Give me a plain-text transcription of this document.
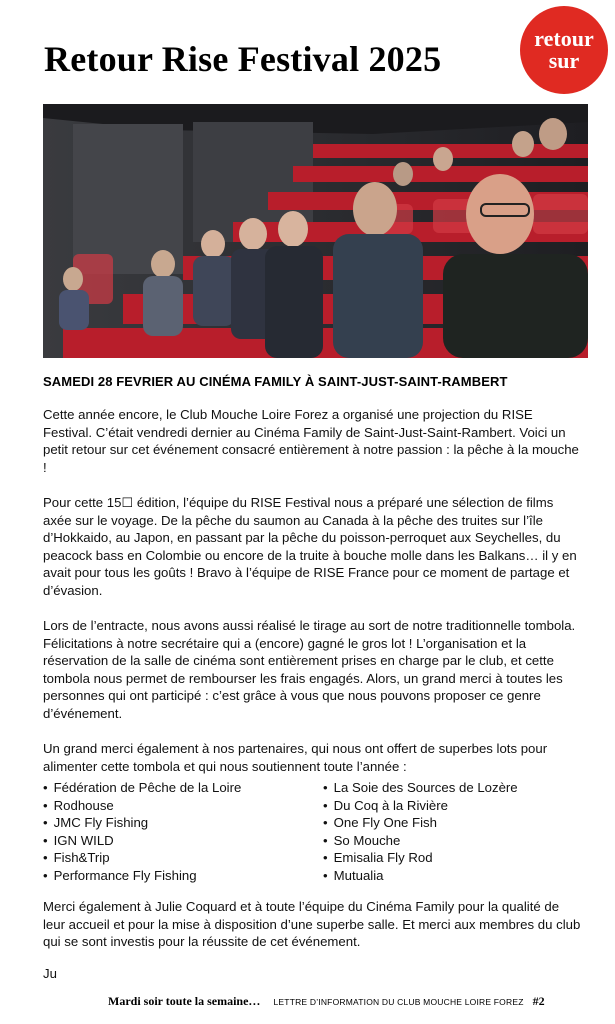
Retour Rise Festival 2025
retour
sur
SAMEDI 28 FEVRIER AU CINÉMA FAMILY À SAINT-JUST-SAINT-RAMBERT

Cette année encore, le Club Mouche Loire Forez a organisé une projection du RISE Festival. C’était vendredi dernier au Cinéma Family de Saint-Just-Saint-Rambert. Voici un petit retour sur cet événement consacré entièrement à notre passion : la pêche à la mouche !

Pour cette 15☐ édition, l’équipe du RISE Festival nous a préparé une sélection de films axée sur le voyage. De la pêche du saumon au Canada à la pêche des truites sur l’île d’Hokkaido, au Japon, en passant par la pêche du poisson-perroquet aux Seychelles, du peacock bass en Colombie ou encore de la truite à bouche molle dans les Balkans… il y en avait pour tous les goûts ! Bravo à l’équipe de RISE France pour ce moment de partage et d’évasion.

Lors de l’entracte, nous avons aussi réalisé le tirage au sort de notre traditionnelle tombola. Félicitations à notre secrétaire qui a (encore) gagné le gros lot ! L’organisation et la réservation de la salle de cinéma sont entièrement prises en charge par le club, et cette tombola nous permet de rembourser les frais engagés. Alors, un grand merci à toutes les personnes qui ont participé : c’est grâce à vous que nous pouvons proposer ce genre d’événement.

Un grand merci également à nos partenaires, qui nous ont offert de superbes lots pour alimenter cette tombola et qui nous soutiennent toute l’année :

• Fédération de Pêche de la Loire
• Rodhouse
• JMC Fly Fishing
• IGN WILD
• Fish&Trip
• Performance Fly Fishing
• La Soie des Sources de Lozère
• Du Coq à la Rivière
• One Fly One Fish
• So Mouche
• Emisalia Fly Rod
• Mutualia

Merci également à Julie Coquard et à toute l’équipe du Cinéma Family pour la qualité de leur accueil et pour la mise à disposition d’une superbe salle. Et merci aux membres du club qui se sont investis pour la réussite de cet événement.

Ju

Mardi soir toute la semaine… LETTRE D’INFORMATION DU CLUB MOUCHE LOIRE FOREZ #2
